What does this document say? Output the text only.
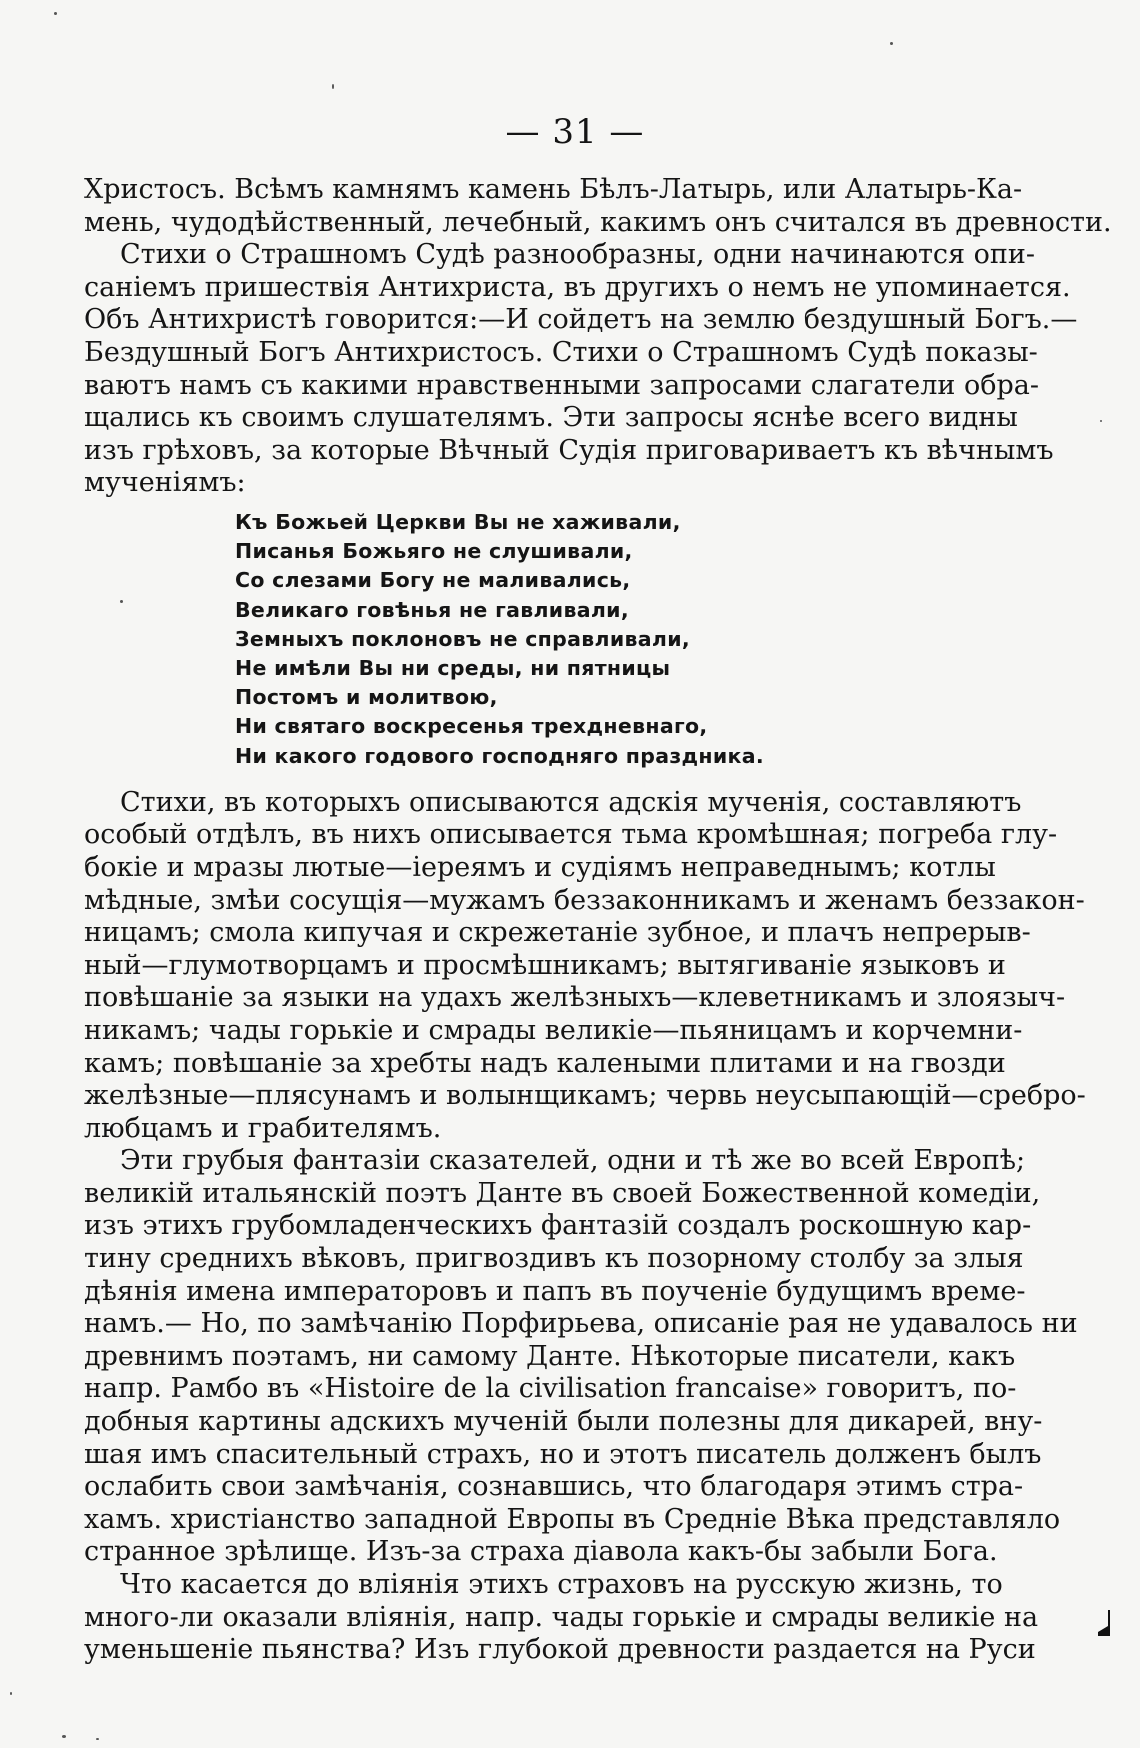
— 31 —
Христосъ. Всѣмъ камнямъ камень Бѣлъ-Латырь, или Алатырь-Ка-
мень, чудодѣйственный, лечебный, какимъ онъ считался въ древности.
Стихи о Страшномъ Судѣ разнообразны, одни начинаются опи-
саніемъ пришествія Антихриста, въ другихъ о немъ не упоминается.
Объ Антихристѣ говорится:—И сойдетъ на землю бездушный Богъ.—
Бездушный Богъ Антихристосъ. Стихи о Страшномъ Судѣ показы-
ваютъ намъ съ какими нравственными запросами слагатели обра-
щались къ своимъ слушателямъ. Эти запросы яснѣе всего видны
изъ грѣховъ, за которые Вѣчный Судія приговариваетъ къ вѣчнымъ
мученіямъ:
Къ Божьей Церкви Вы не хаживали,
Писанья Божьяго не слушивали,
Со слезами Богу не маливались,
Великаго говѣнья не гавливали,
Земныхъ поклоновъ не справливали,
Не имѣли Вы ни среды, ни пятницы
Постомъ и молитвою,
Ни святаго воскресенья трехдневнаго,
Ни какого годового господняго праздника.
Стихи, въ которыхъ описываются адскія мученія, составляютъ
особый отдѣлъ, въ нихъ описывается тьма кромѣшная; погреба глу-
бокіе и мразы лютые—іереямъ и судіямъ неправеднымъ; котлы
мѣдные, змѣи сосущія—мужамъ беззаконникамъ и женамъ беззакон-
ницамъ; смола кипучая и скрежетаніе зубное, и плачъ непрерыв-
ный—глумотворцамъ и просмѣшникамъ; вытягиваніе языковъ и
повѣшаніе за языки на удахъ желѣзныхъ—клеветникамъ и злоязыч-
никамъ; чады горькіе и смрады великіе—пьяницамъ и корчемни-
камъ; повѣшаніе за хребты надъ калеными плитами и на гвозди
желѣзные—плясунамъ и волынщикамъ; червь неусыпающій—сребро-
любцамъ и грабителямъ.
Эти грубыя фантазіи сказателей, одни и тѣ же во всей Европѣ;
великій итальянскій поэтъ Данте въ своей Божественной комедіи,
изъ этихъ грубомладенческихъ фантазій создалъ роскошную кар-
тину среднихъ вѣковъ, пригвоздивъ къ позорному столбу за злыя
дѣянія имена императоровъ и папъ въ поученіе будущимъ време-
намъ.— Но, по замѣчанію Порфирьева, описаніе рая не удавалось ни
древнимъ поэтамъ, ни самому Данте. Нѣкоторые писатели, какъ
напр. Рамбо въ «Histoire de la civilisation francaise» говоритъ, по-
добныя картины адскихъ мученій были полезны для дикарей, вну-
шая имъ спасительный страхъ, но и этотъ писатель долженъ былъ
ослабить свои замѣчанія, сознавшись, что благодаря этимъ стра-
хамъ. христіанство западной Европы въ Средніе Вѣка представляло
странное зрѣлище. Изъ-за страха діавола какъ-бы забыли Бога.
Что касается до вліянія этихъ страховъ на русскую жизнь, то
много-ли оказали вліянія, напр. чады горькіе и смрады великіе на
уменьшеніе пьянства? Изъ глубокой древности раздается на Руси
